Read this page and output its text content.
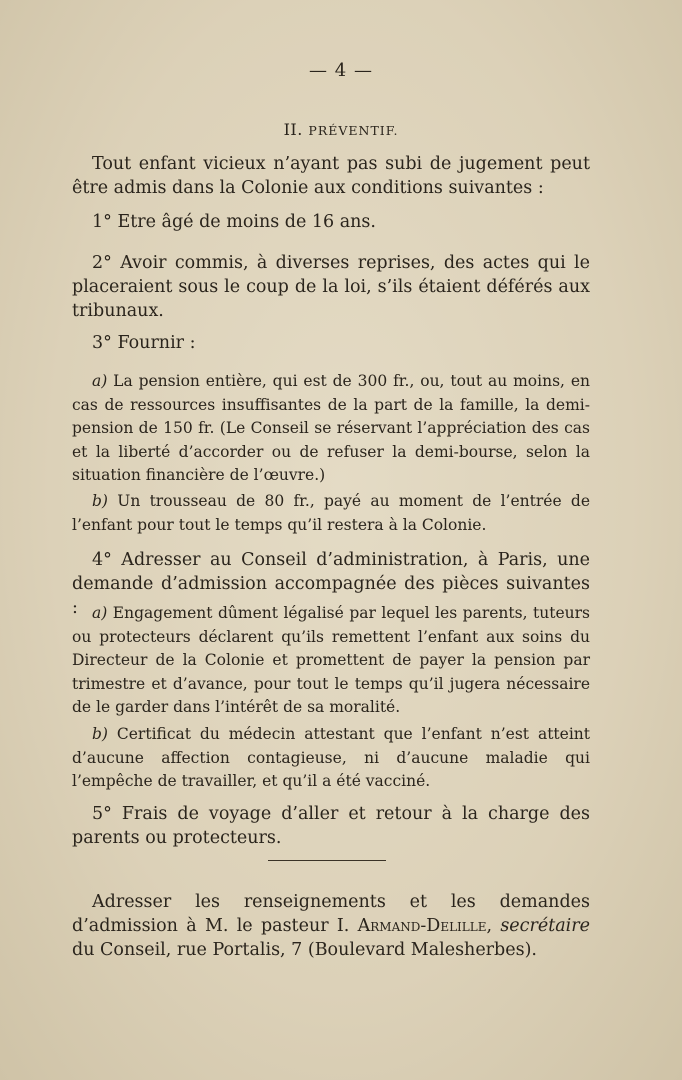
— 4 —
II. PRÉVENTIF.
Tout enfant vicieux n’ayant pas subi de jugement peut être admis dans la Colonie aux conditions suivantes :
1° Etre âgé de moins de 16 ans.
2° Avoir commis, à diverses reprises, des actes qui le placeraient sous le coup de la loi, s’ils étaient déférés aux tribunaux.
3° Fournir :
a) La pension entière, qui est de 300 fr., ou, tout au moins, en cas de ressources insuffisantes de la part de la famille, la demi-pension de 150 fr. (Le Conseil se réservant l’appréciation des cas et la liberté d’accorder ou de refuser la demi-bourse, selon la situation financière de l’œuvre.)
b) Un trousseau de 80 fr., payé au moment de l’entrée de l’enfant pour tout le temps qu’il restera à la Colonie.
4° Adresser au Conseil d’administration, à Paris, une demande d’admission accompagnée des pièces suivantes : a) Engagement dûment légalisé par lequel les parents, tuteurs ou protecteurs déclarent qu’ils remettent l’enfant aux soins du Directeur de la Colonie et promettent de payer la pension par trimestre et d’avance, pour tout le temps qu’il jugera nécessaire de le garder dans l’intérêt de sa moralité.
b) Certificat du médecin attestant que l’enfant n’est atteint d’aucune affection contagieuse, ni d’aucune maladie qui l’empêche de travailler, et qu’il a été vacciné.
5° Frais de voyage d’aller et retour à la charge des parents ou protecteurs.
Adresser les renseignements et les demandes d’admission à M. le pasteur I. Armand-Delille, secrétaire du Conseil, rue Portalis, 7 (Boulevard Malesherbes).
